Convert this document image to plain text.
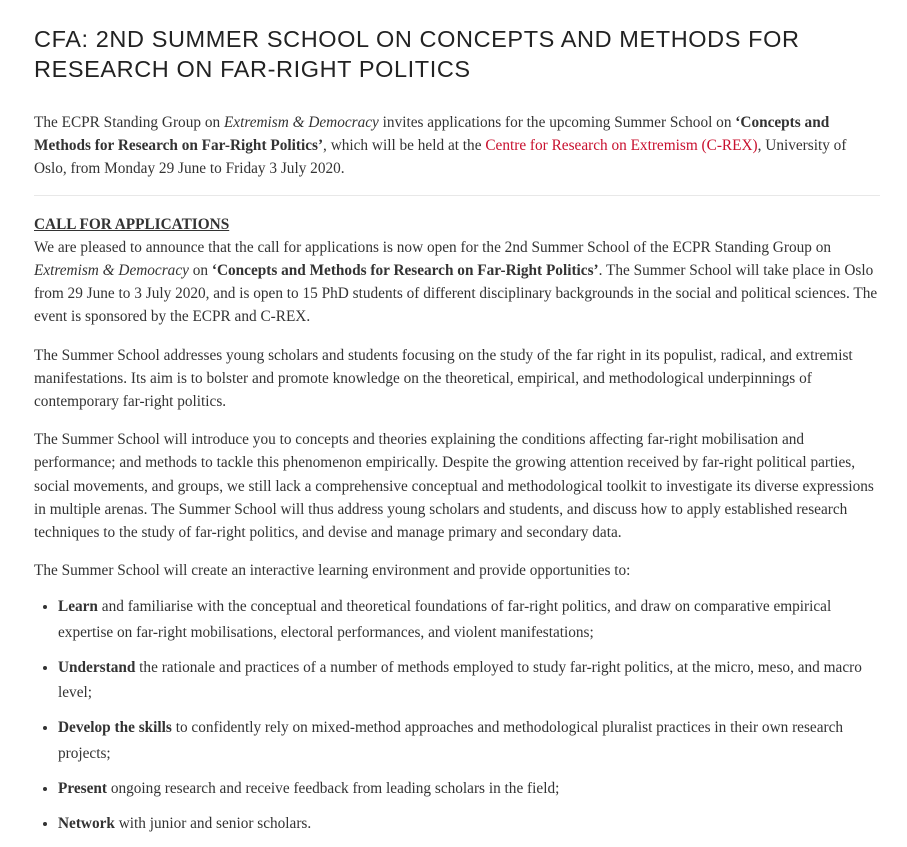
CFA: 2ND SUMMER SCHOOL ON CONCEPTS AND METHODS FOR RESEARCH ON FAR-RIGHT POLITICS

The ECPR Standing Group on Extremism & Democracy invites applications for the upcoming Summer School on ‘Concepts and Methods for Research on Far-Right Politics’, which will be held at the Centre for Research on Extremism (C-REX), University of Oslo, from Monday 29 June to Friday 3 July 2020.

CALL FOR APPLICATIONS
We are pleased to announce that the call for applications is now open for the 2nd Summer School of the ECPR Standing Group on Extremism & Democracy on ‘Concepts and Methods for Research on Far-Right Politics’. The Summer School will take place in Oslo from 29 June to 3 July 2020, and is open to 15 PhD students of different disciplinary backgrounds in the social and political sciences. The event is sponsored by the ECPR and C-REX.

The Summer School addresses young scholars and students focusing on the study of the far right in its populist, radical, and extremist manifestations. Its aim is to bolster and promote knowledge on the theoretical, empirical, and methodological underpinnings of contemporary far-right politics.

The Summer School will introduce you to concepts and theories explaining the conditions affecting far-right mobilisation and performance; and methods to tackle this phenomenon empirically. Despite the growing attention received by far-right political parties, social movements, and groups, we still lack a comprehensive conceptual and methodological toolkit to investigate its diverse expressions in multiple arenas. The Summer School will thus address young scholars and students, and discuss how to apply established research techniques to the study of far-right politics, and devise and manage primary and secondary data.

The Summer School will create an interactive learning environment and provide opportunities to:

• Learn and familiarise with the conceptual and theoretical foundations of far-right politics, and draw on comparative empirical expertise on far-right mobilisations, electoral performances, and violent manifestations;
• Understand the rationale and practices of a number of methods employed to study far-right politics, at the micro, meso, and macro level;
• Develop the skills to confidently rely on mixed-method approaches and methodological pluralist practices in their own research projects;
• Present ongoing research and receive feedback from leading scholars in the field;
• Network with junior and senior scholars.
